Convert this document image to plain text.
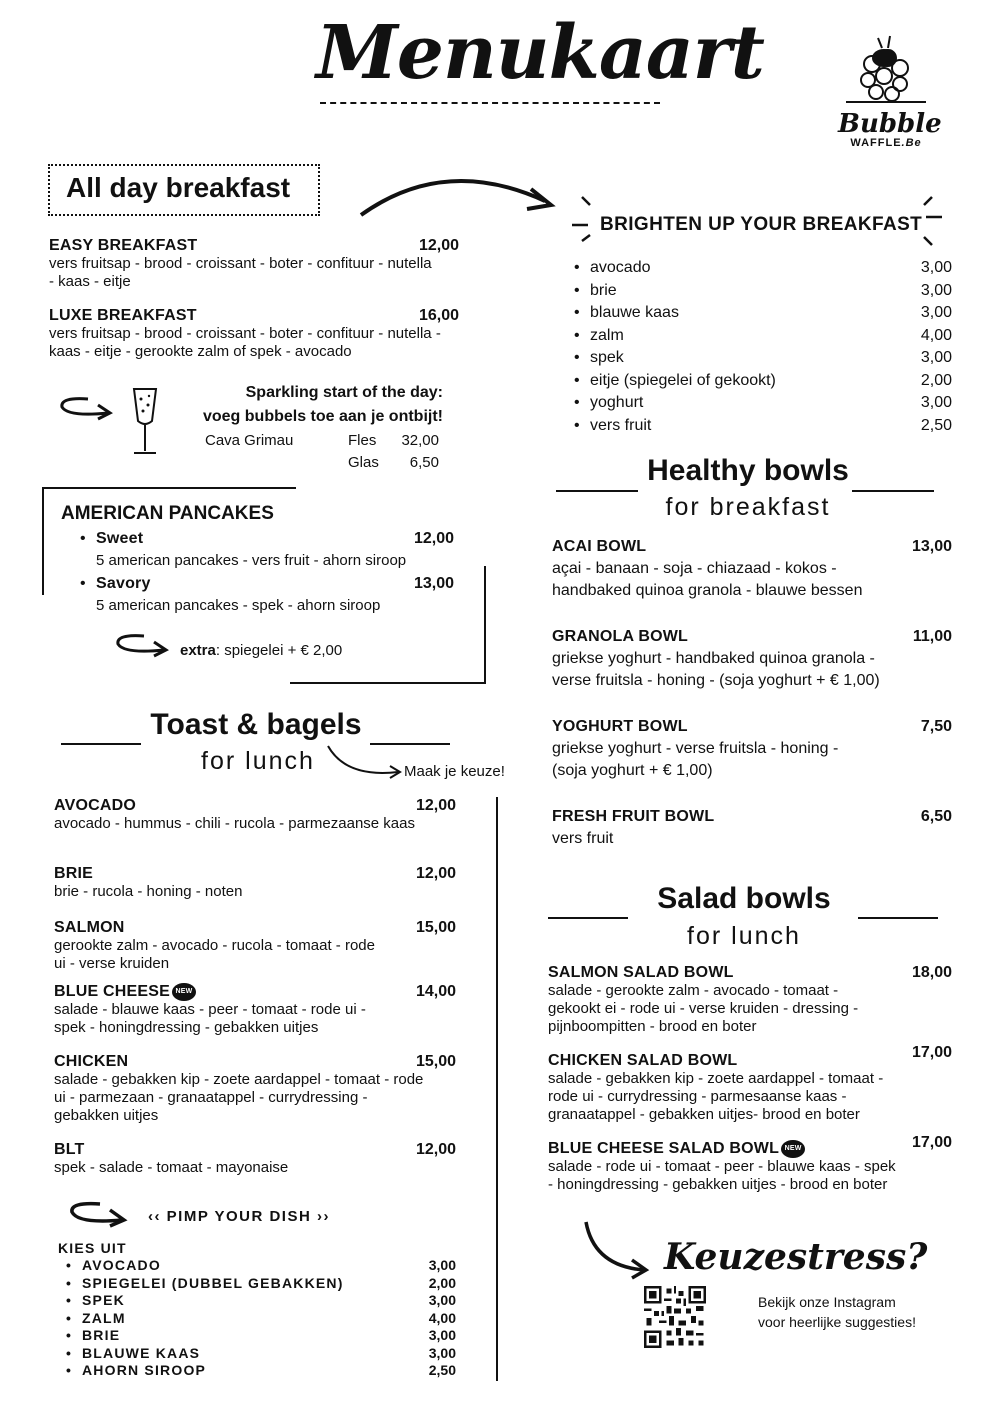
Menukaart
Bubble
WAFFLE.Be
All day breakfast
EASY BREAKFAST	12,00
vers fruitsap - brood - croissant - boter - confituur - nutella - kaas - eitje
LUXE BREAKFAST	16,00
vers fruitsap - brood - croissant - boter - confituur - nutella - kaas - eitje - gerookte zalm of spek - avocado
Sparkling start of the day:
voeg bubbels toe aan je ontbijt!
Cava Grimau	Fles 32,00
Glas 6,50
BRIGHTEN UP YOUR BREAKFAST
• avocado	3,00
• brie	3,00
• blauwe kaas	3,00
• zalm	4,00
• spek	3,00
• eitje (spiegelei of gekookt)	2,00
• yoghurt	3,00
• vers fruit	2,50
AMERICAN PANCAKES
• Sweet	12,00
5 american pancakes - vers fruit - ahorn siroop
• Savory	13,00
5 american pancakes - spek - ahorn siroop
extra: spiegelei + € 2,00
Healthy bowls
for breakfast
ACAI BOWL	13,00
açai - banaan - soja - chiazaad - kokos -
handbaked quinoa granola - blauwe bessen
GRANOLA BOWL	11,00
griekse yoghurt - handbaked quinoa granola -
verse fruitsla - honing - (soja yoghurt + € 1,00)
YOGHURT BOWL	7,50
griekse yoghurt - verse fruitsla - honing -
(soja yoghurt + € 1,00)
FRESH FRUIT BOWL	6,50
vers fruit
Toast & bagels
for lunch	Maak je keuze!
AVOCADO	12,00
avocado - hummus - chili - rucola - parmezaanse kaas
BRIE	12,00
brie - rucola - honing - noten
SALMON	15,00
gerookte zalm - avocado - rucola - tomaat - rode ui - verse kruiden
BLUE CHEESE NEW	14,00
salade - blauwe kaas - peer - tomaat - rode ui - spek - honingdressing - gebakken uitjes
CHICKEN	15,00
salade - gebakken kip - zoete aardappel - tomaat - rode ui - parmezaan - granaatappel - currydressing - gebakken uitjes
BLT	12,00
spek - salade - tomaat - mayonaise
‹‹ PIMP YOUR DISH ››
KIES UIT
• AVOCADO	3,00
• SPIEGELEI (DUBBEL GEBAKKEN)	2,00
• SPEK	3,00
• ZALM	4,00
• BRIE	3,00
• BLAUWE KAAS	3,00
• AHORN SIROOP	2,50
Salad bowls
for lunch
SALMON SALAD BOWL	18,00
salade - gerookte zalm - avocado - tomaat - gekookt ei - rode ui - verse kruiden - dressing - pijnboompitten - brood en boter
CHICKEN SALAD BOWL	17,00
salade - gebakken kip - zoete aardappel - tomaat - rode ui - currydressing - parmesaanse kaas - granaatappel - gebakken uitjes- brood en boter
BLUE CHEESE SALAD BOWL NEW	17,00
salade - rode ui - tomaat - peer - blauwe kaas - spek - honingdressing - gebakken uitjes - brood en boter
Keuzestress?
Bekijk onze Instagram
voor heerlijke suggesties!
